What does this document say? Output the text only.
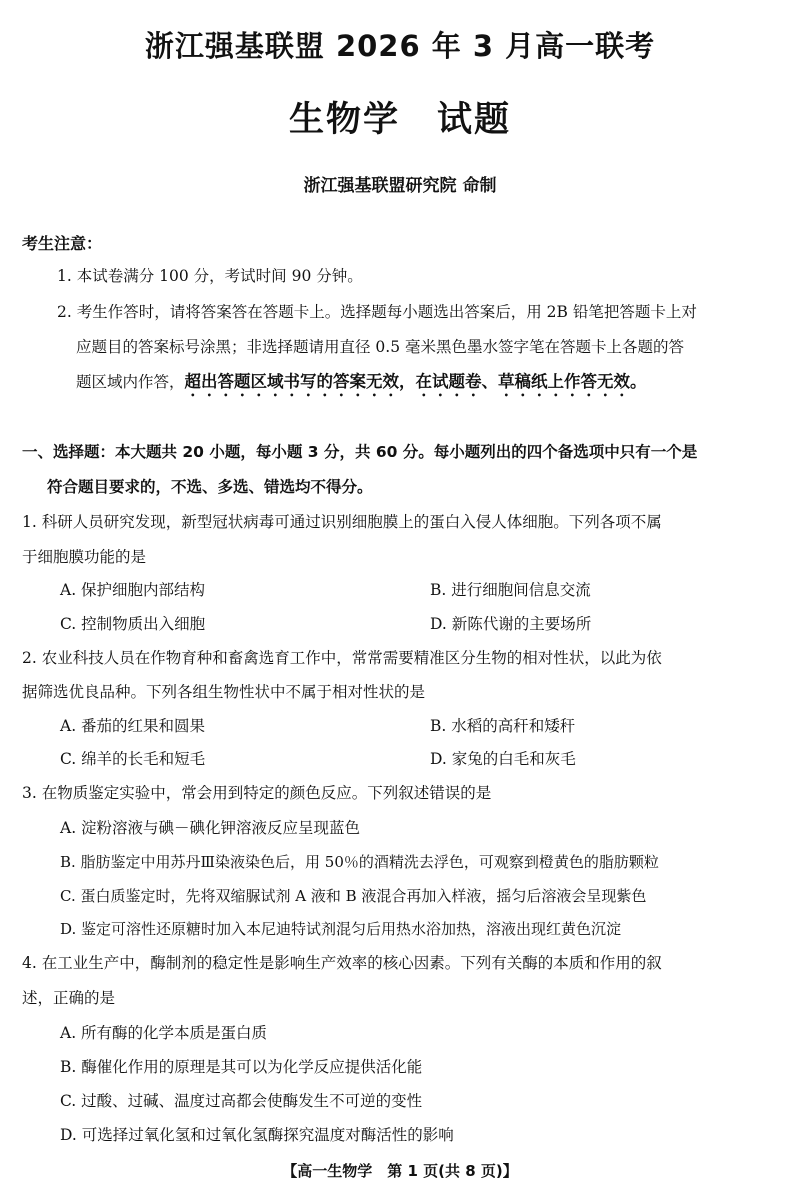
浙江强基联盟 2026 年 3 月高一联考
生物学　试题
浙江强基联盟研究院 命制
考生注意：
1. 本试卷满分 100 分，考试时间 90 分钟。
2. 考生作答时，请将答案答在答题卡上。选择题每小题选出答案后，用 2B 铅笔把答题卡上对
应题目的答案标号涂黑；非选择题请用直径 0.5 毫米黑色墨水签字笔在答题卡上各题的答
题区域内作答，超出答题区域书写的答案无效，在试题卷、草稿纸上作答无效。
一、选择题：本大题共 20 小题，每小题 3 分，共 60 分。每小题列出的四个备选项中只有一个是
符合题目要求的，不选、多选、错选均不得分。
1. 科研人员研究发现，新型冠状病毒可通过识别细胞膜上的蛋白入侵人体细胞。下列各项不属
于细胞膜功能的是
A. 保护细胞内部结构	B. 进行细胞间信息交流
C. 控制物质出入细胞	D. 新陈代谢的主要场所
2. 农业科技人员在作物育种和畜禽选育工作中，常常需要精准区分生物的相对性状，以此为依
据筛选优良品种。下列各组生物性状中不属于相对性状的是
A. 番茄的红果和圆果	B. 水稻的高秆和矮秆
C. 绵羊的长毛和短毛	D. 家兔的白毛和灰毛
3. 在物质鉴定实验中，常会用到特定的颜色反应。下列叙述错误的是
A. 淀粉溶液与碘－碘化钾溶液反应呈现蓝色
B. 脂肪鉴定中用苏丹Ⅲ染液染色后，用 50％的酒精洗去浮色，可观察到橙黄色的脂肪颗粒
C. 蛋白质鉴定时，先将双缩脲试剂 A 液和 B 液混合再加入样液，摇匀后溶液会呈现紫色
D. 鉴定可溶性还原糖时加入本尼迪特试剂混匀后用热水浴加热，溶液出现红黄色沉淀
4. 在工业生产中，酶制剂的稳定性是影响生产效率的核心因素。下列有关酶的本质和作用的叙
述，正确的是
A. 所有酶的化学本质是蛋白质
B. 酶催化作用的原理是其可以为化学反应提供活化能
C. 过酸、过碱、温度过高都会使酶发生不可逆的变性
D. 可选择过氧化氢和过氧化氢酶探究温度对酶活性的影响
【高一生物学　第 1 页(共 8 页)】
